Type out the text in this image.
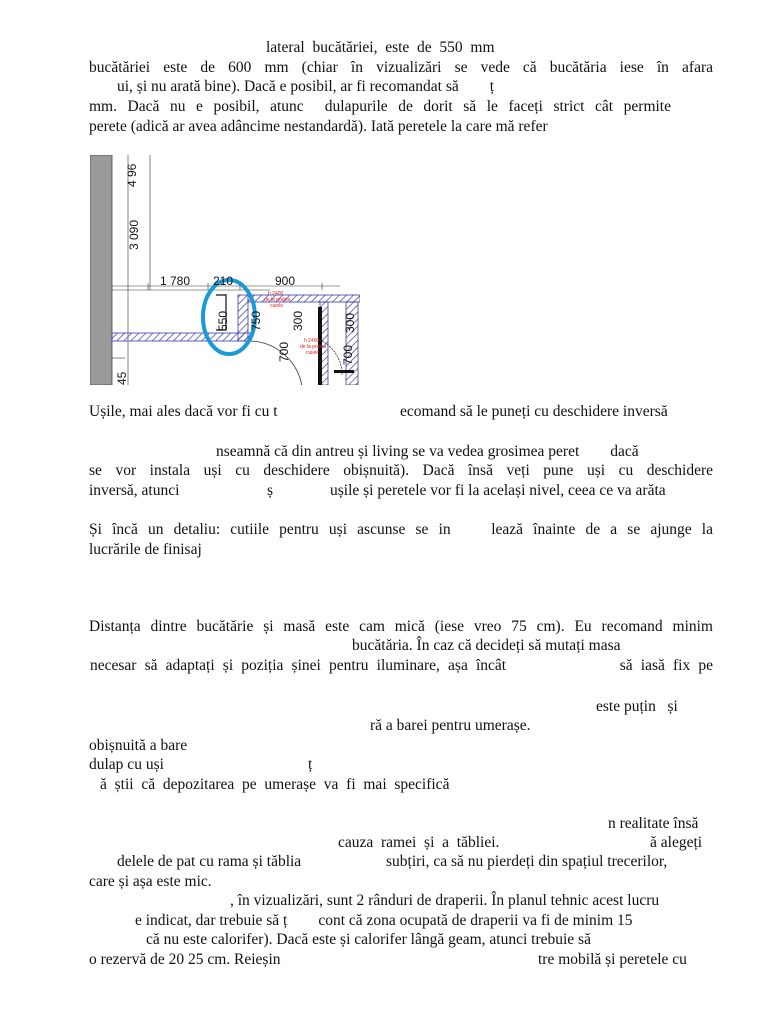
lateral  bucătăriei,  este  de  550  mm
bucătăriei este de 600 mm (chiar în vizualizări se vede că bucătăria iese în afara
ui, și nu arată bine). Dacă e posibil, ar fi recomandat să        ț
mm. Dacă nu e posibil, atunc  dulapurile de dorit să le faceți strict cât permite
perete (adică ar avea adâncime nestandardă). Iată peretele la care mă refer
4 96
3 090
1 780 210	900
550	300	300
700	700
750
45
h 2400
de la podea
cuiele
h 2400
de la podea
cuiele
Ușile, mai ales dacă vor fi cu t	ecomand să le puneți cu deschidere inversă
nseamnă că din antreu și living se va vedea grosimea peret        dacă
se vor instala uși cu deschidere obișnuită). Dacă însă veți pune uși cu deschidere
inversă, atunci	ș	ușile și peretele vor fi la același nivel, ceea ce va arăta
Și încă un detaliu: cutiile pentru uși ascunse se in    lează înainte de a se ajunge la
lucrările de finisaj
Distanța dintre bucătărie și masă este cam mică (iese vreo 75 cm). Eu recomand minim
bucătăria. În caz că decideți să mutați masa
necesar să adaptați și poziția șinei pentru iluminare, așa încât              să iasă fix pe
este puțin   și
ră a barei pentru umerașe.
obișnuită a bare
dulap cu uși	ț
ă  știi  că  depozitarea  pe  umerașe  va  fi  mai  specifică
n realitate însă
cauza  ramei  și  a  tăbliei.	ă alegeți
delele de pat cu rama și tăblia	subțiri, ca să nu pierdeți din spațiul trecerilor,
care și așa este mic.
, în vizualizări, sunt 2 rânduri de draperii. În planul tehnic acest lucru
e indicat, dar trebuie să ț        cont că zona ocupată de draperii va fi de minim 15
că nu este calorifer). Dacă este și calorifer lângă geam, atunci trebuie să
o rezervă de 20 25 cm. Reieșin	tre mobilă și peretele cu
